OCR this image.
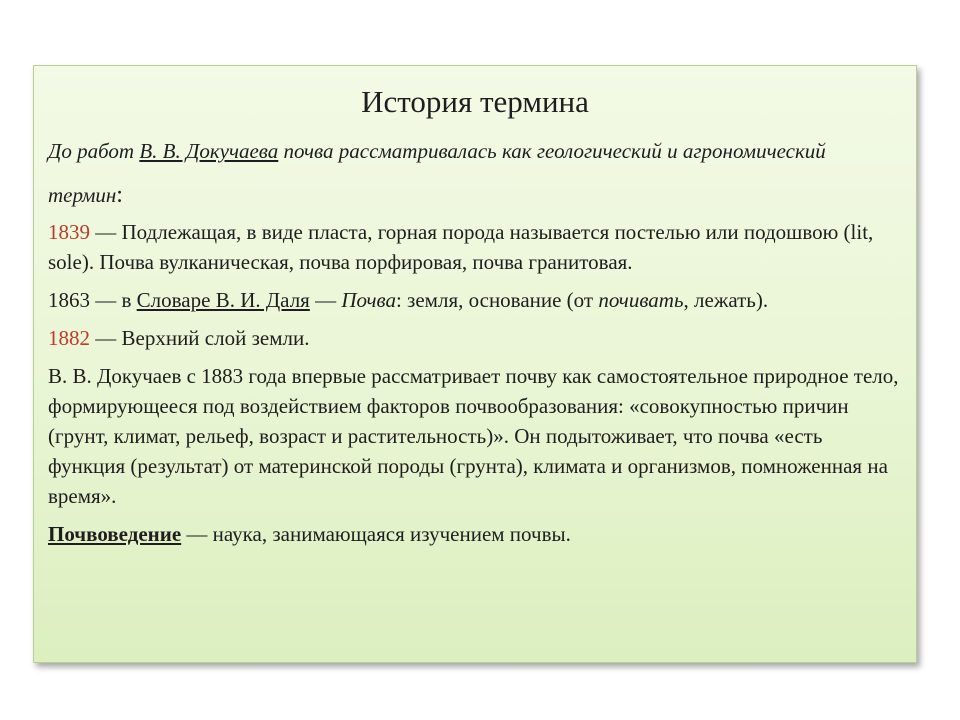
История термина

До работ В. В. Докучаева почва рассматривалась как геологический и агрономический термин:

1839 — Подлежащая, в виде пласта, горная порода называется постелью или подошвою (lit, sole). Почва вулканическая, почва порфировая, почва гранитовая.

1863 — в Словаре В. И. Даля — Почва: земля, основание (от почивать, лежать).

1882 — Верхний слой земли.

В. В. Докучаев с 1883 года впервые рассматривает почву как самостоятельное природное тело, формирующееся под воздействием факторов почвообразования: «совокупностью причин (грунт, климат, рельеф, возраст и растительность)». Он подытоживает, что почва «есть функция (результат) от материнской породы (грунта), климата и организмов, помноженная на время».

Почвоведение — наука, занимающаяся изучением почвы.
